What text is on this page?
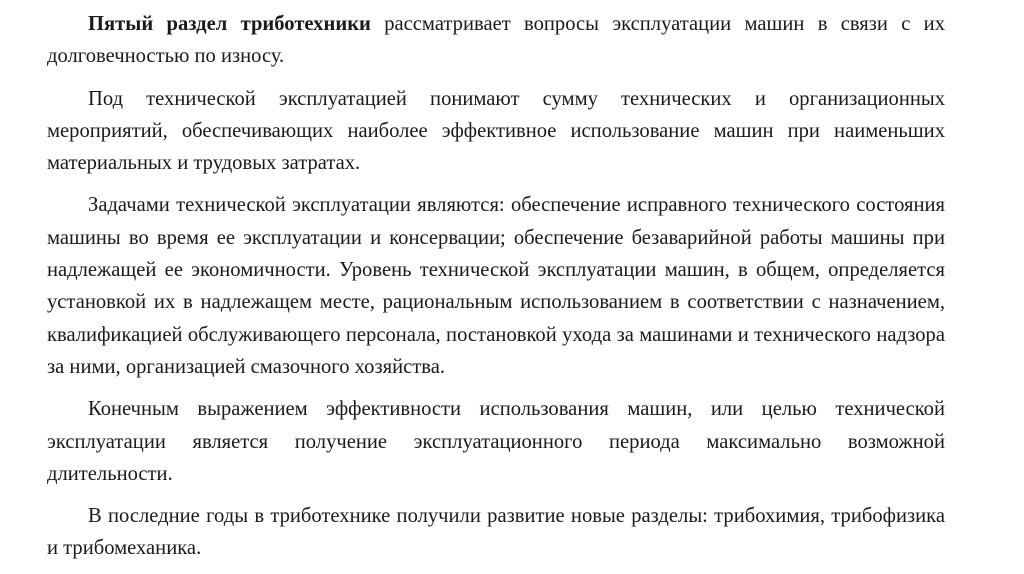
Пятый раздел триботехники рассматривает вопросы эксплуатации машин в связи с их долговечностью по износу.

Под технической эксплуатацией понимают сумму технических и организационных мероприятий, обеспечивающих наиболее эффективное использование машин при наименьших материальных и трудовых затратах.

Задачами технической эксплуатации являются: обеспечение исправного технического состояния машины во время ее эксплуатации и консервации; обеспечение безаварийной работы машины при надлежащей ее экономичности. Уровень технической эксплуатации машин, в общем, определяется установкой их в надлежащем месте, рациональным использованием в соответствии с назначением, квалификацией обслуживающего персонала, постановкой ухода за машинами и технического надзора за ними, организацией смазочного хозяйства.

Конечным выражением эффективности использования машин, или целью технической эксплуатации является получение эксплуатационного периода максимально возможной длительности.

В последние годы в триботехнике получили развитие новые разделы: трибохимия, трибофизика и трибомеханика.
